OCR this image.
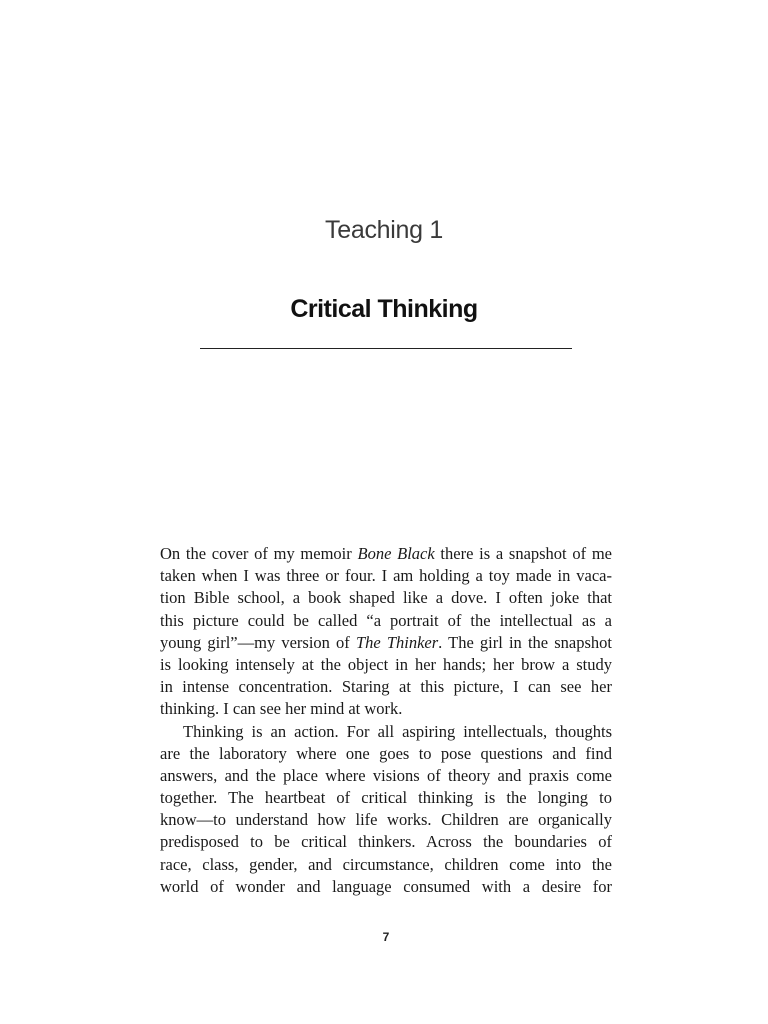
Teaching 1
Critical Thinking
On the cover of my memoir Bone Black there is a snapshot of me
taken when I was three or four. I am holding a toy made in vaca-
tion Bible school, a book shaped like a dove. I often joke that
this picture could be called “a portrait of the intellectual as a
young girl”—my version of The Thinker. The girl in the snapshot
is looking intensely at the object in her hands; her brow a study
in intense concentration. Staring at this picture, I can see her
thinking. I can see her mind at work.
Thinking is an action. For all aspiring intellectuals, thoughts
are the laboratory where one goes to pose questions and find
answers, and the place where visions of theory and praxis come
together. The heartbeat of critical thinking is the longing to
know—to understand how life works. Children are organically
predisposed to be critical thinkers. Across the boundaries of
race, class, gender, and circumstance, children come into the
world of wonder and language consumed with a desire for
7
